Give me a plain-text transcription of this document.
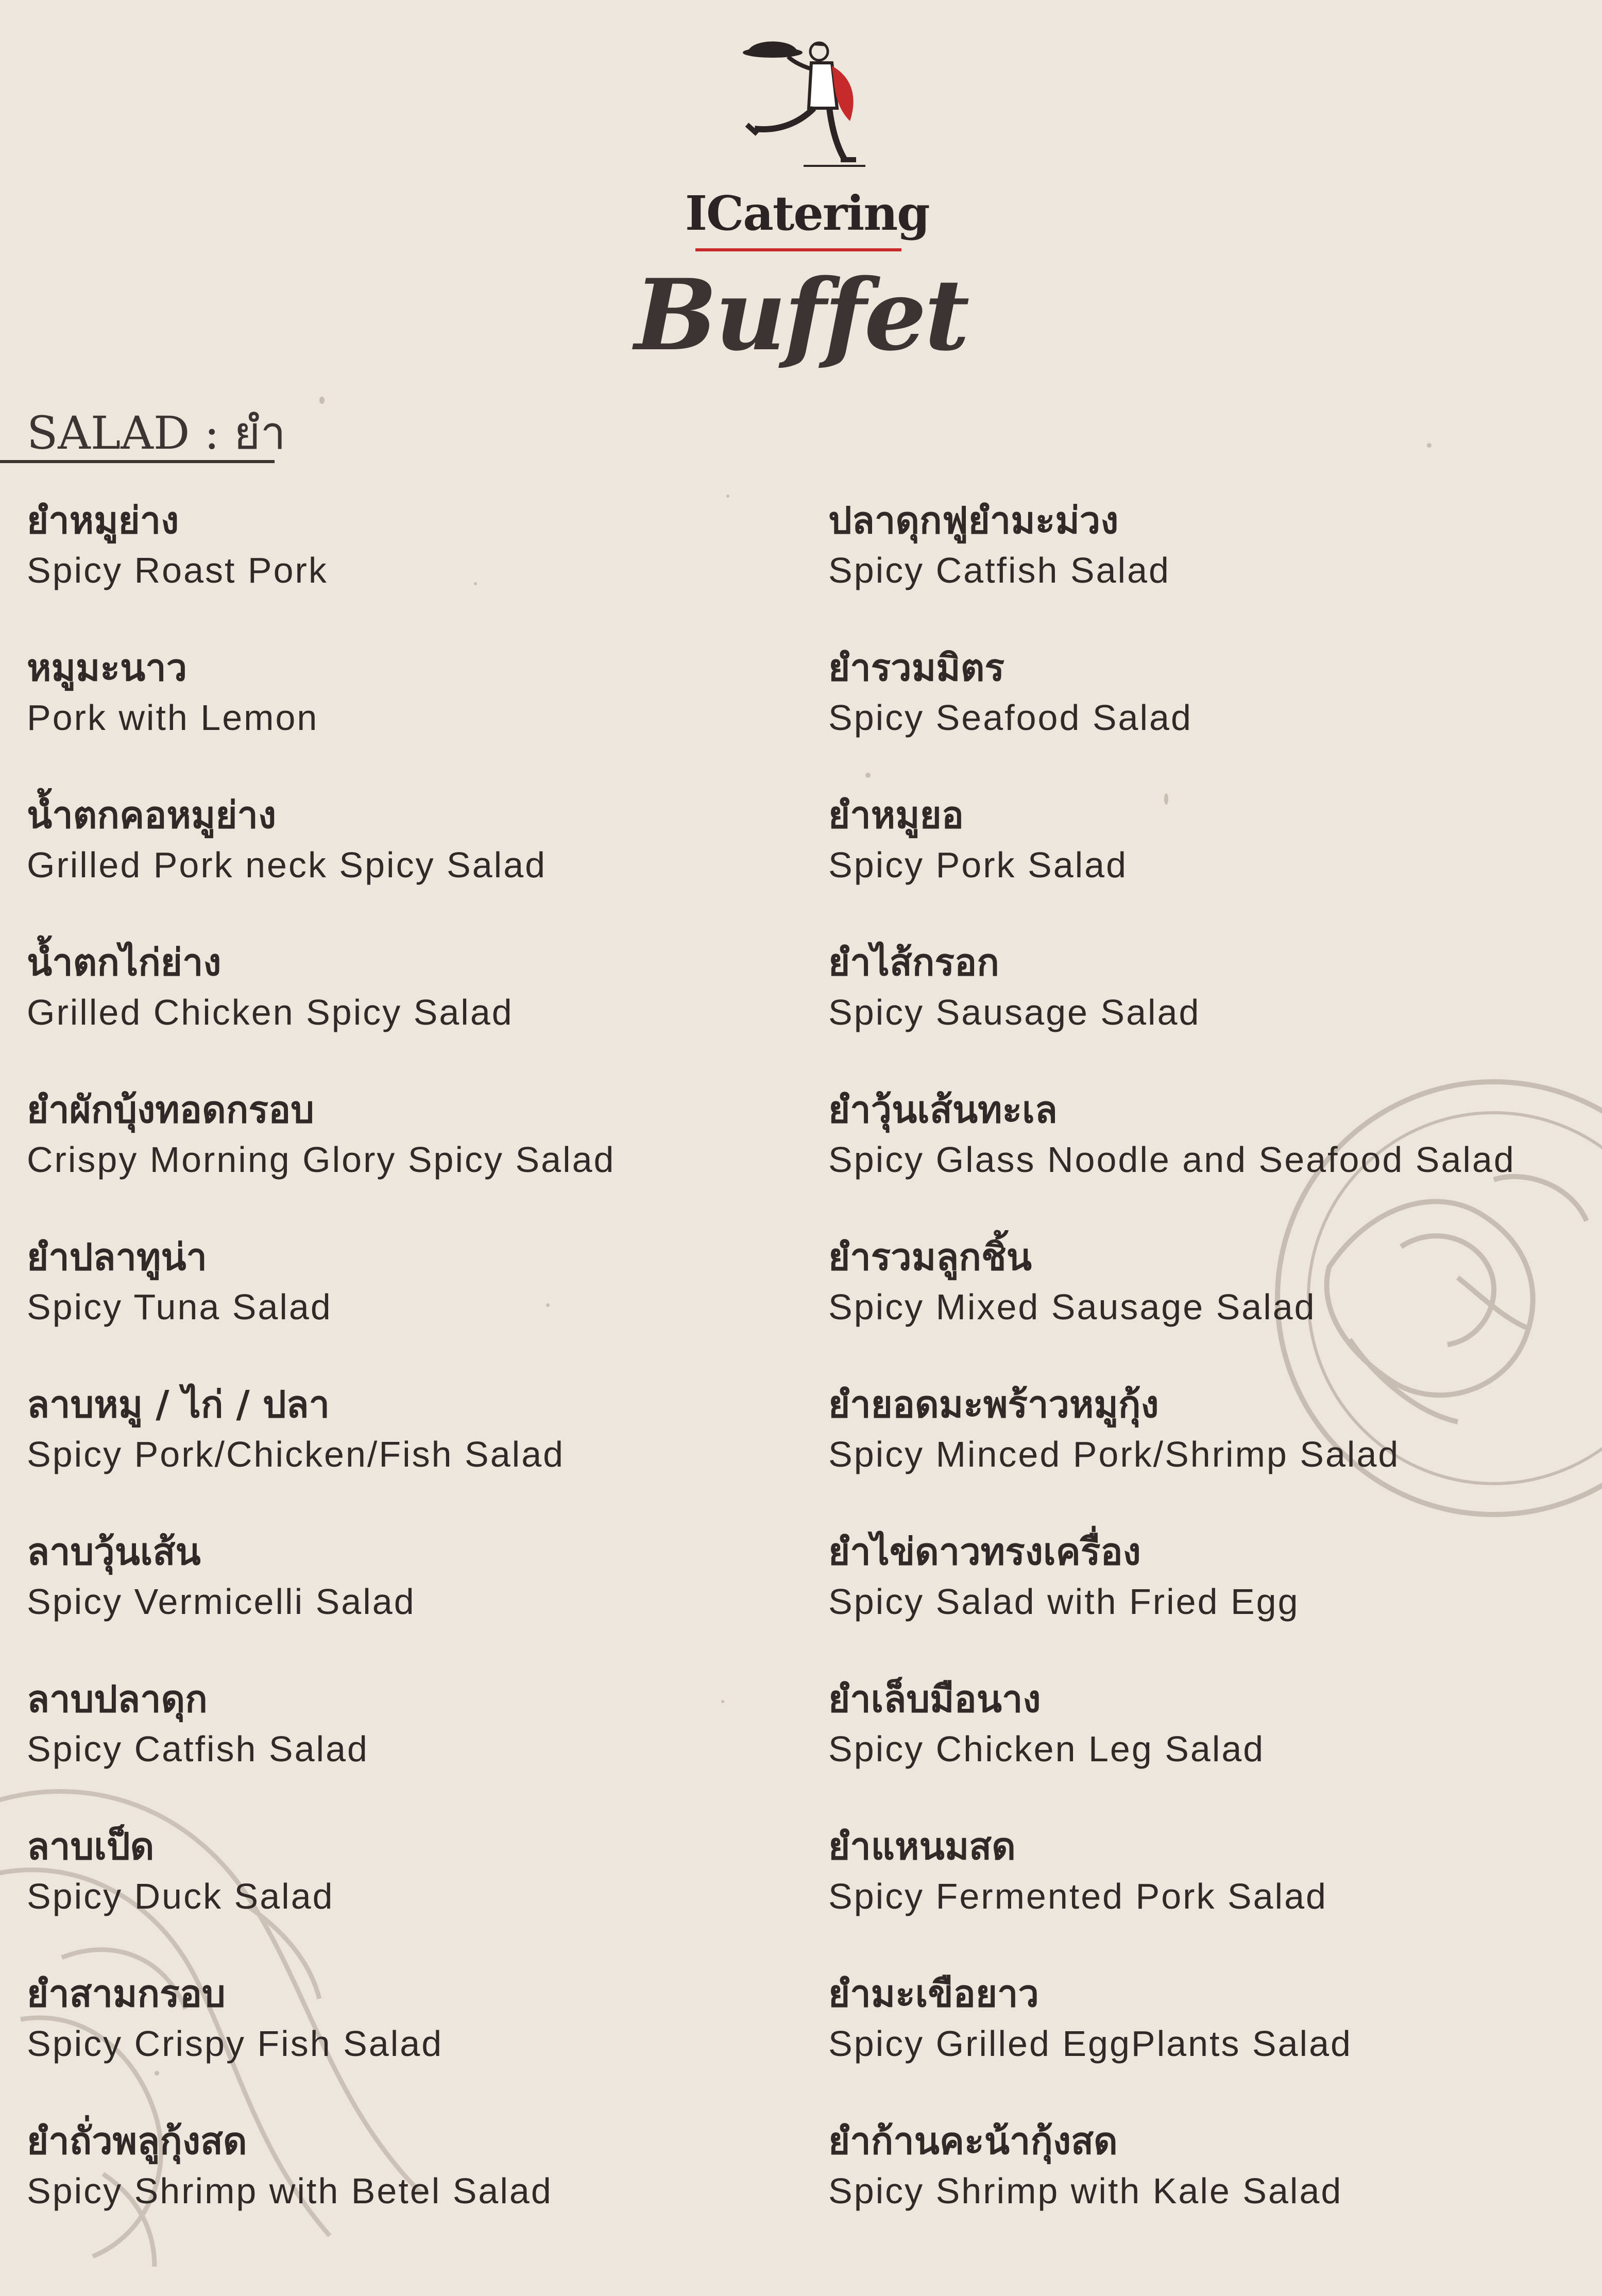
ICatering
Buffet
SALAD : ยำ
ยำหมูย่าง
Spicy Roast Pork
หมูมะนาว
Pork with Lemon
น้ำตกคอหมูย่าง
Grilled Pork neck Spicy Salad
น้ำตกไก่ย่าง
Grilled Chicken Spicy Salad
ยำผักบุ้งทอดกรอบ
Crispy Morning Glory Spicy Salad
ยำปลาทูน่า
Spicy Tuna Salad
ลาบหมู / ไก่ / ปลา
Spicy Pork/Chicken/Fish Salad
ลาบวุ้นเส้น
Spicy Vermicelli Salad
ลาบปลาดุก
Spicy Catfish Salad
ลาบเป็ด
Spicy Duck Salad
ยำสามกรอบ
Spicy Crispy Fish Salad
ยำถั่วพลูกุ้งสด
Spicy Shrimp with Betel Salad
ปลาดุกฟูยำมะม่วง
Spicy Catfish Salad
ยำรวมมิตร
Spicy Seafood Salad
ยำหมูยอ
Spicy Pork Salad
ยำไส้กรอก
Spicy Sausage Salad
ยำวุ้นเส้นทะเล
Spicy Glass Noodle and Seafood Salad
ยำรวมลูกชิ้น
Spicy Mixed Sausage Salad
ยำยอดมะพร้าวหมูกุ้ง
Spicy Minced Pork/Shrimp Salad
ยำไข่ดาวทรงเครื่อง
Spicy Salad with Fried Egg
ยำเล็บมือนาง
Spicy Chicken Leg Salad
ยำแหนมสด
Spicy Fermented Pork Salad
ยำมะเขือยาว
Spicy Grilled EggPlants Salad
ยำก้านคะน้ากุ้งสด
Spicy Shrimp with Kale Salad
